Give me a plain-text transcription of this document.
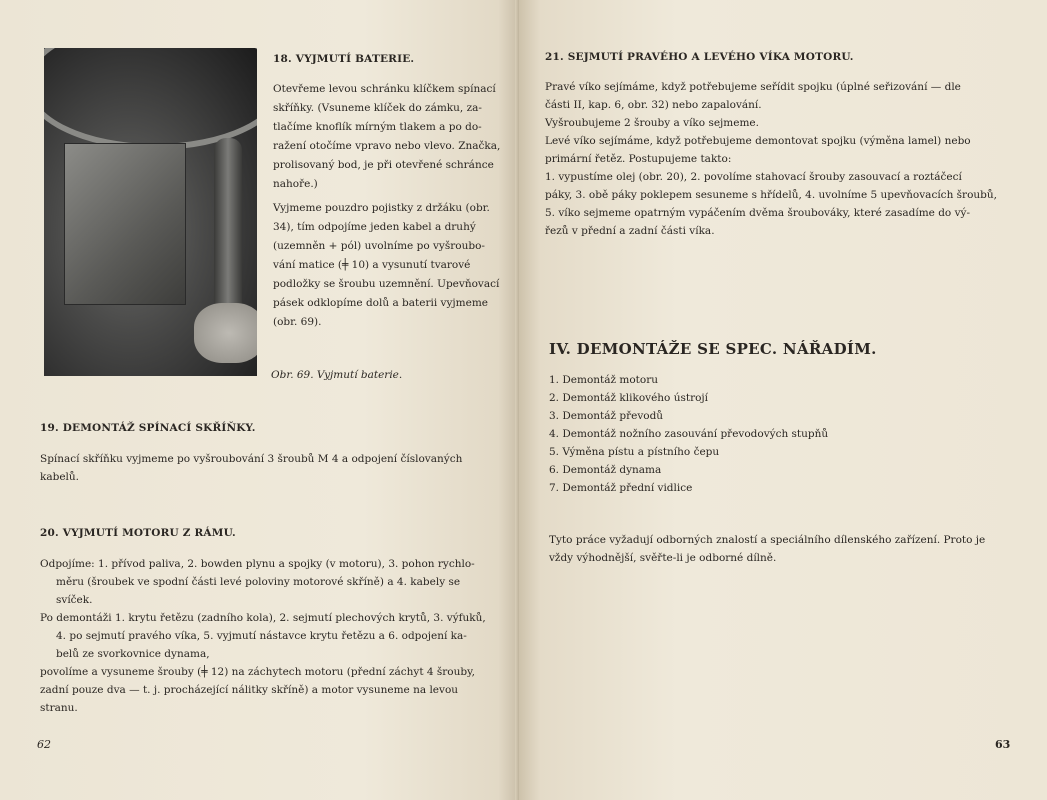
18. VYJMUTÍ BATERIE.

Otevřeme levou schránku klíčkem spínací

skříňky. (Vsuneme klíček do zámku, za-

tlačíme knoflík mírným tlakem a po do-

ražení otočíme vpravo nebo vlevo. Značka,

prolisovaný bod, je při otevřené schránce

nahoře.)

Vyjmeme pouzdro pojistky z držáku (obr.

34), tím odpojíme jeden kabel a druhý

(uzemněn + pól) uvolníme po vyšroubo-

vání matice (╪ 10) a vysunutí tvarové

podložky se šroubu uzemnění. Upevňovací

pásek odklopíme dolů a baterii vyjmeme

(obr. 69).

Obr. 69. Vyjmutí baterie.

19. DEMONTÁŽ SPÍNACÍ SKŘÍŇKY.

Spínací skříňku vyjmeme po vyšroubování 3 šroubů M 4 a odpojení číslovaných

kabelů.

20. VYJMUTÍ MOTORU Z RÁMU.

Odpojíme: 1. přívod paliva, 2. bowden plynu a spojky (v motoru), 3. pohon rychlo-

měru (šroubek ve spodní části levé poloviny motorové skříně) a 4. kabely se

svíček.

Po demontáži 1. krytu řetězu (zadního kola), 2. sejmutí plechových krytů, 3. výfuků,

4. po sejmutí pravého víka, 5. vyjmutí nástavce krytu řetězu a 6. odpojení ka-

belů ze svorkovnice dynama,

povolíme a vysuneme šrouby (╪ 12) na záchytech motoru (přední záchyt 4 šrouby,

zadní pouze dva — t. j. procházející nálitky skříně) a motor vysuneme na levou

stranu.

62

21. SEJMUTÍ PRAVÉHO A LEVÉHO VÍKA MOTORU.

Pravé víko sejímáme, když potřebujeme seřídit spojku (úplné seřizování — dle

části II, kap. 6, obr. 32) nebo zapalování.

Vyšroubujeme 2 šrouby a víko sejmeme.

Levé víko sejímáme, když potřebujeme demontovat spojku (výměna lamel) nebo

primární řetěz. Postupujeme takto:

1. vypustíme olej (obr. 20), 2. povolíme stahovací šrouby zasouvací a roztáčecí

páky, 3. obě páky poklepem sesuneme s hřídelů, 4. uvolníme 5 upevňovacích šroubů,

5. víko sejmeme opatrným vypáčením dvěma šroubováky, které zasadíme do vý-

řezů v přední a zadní části víka.

IV. DEMONTÁŽE SE SPEC. NÁŘADÍM.

1. Demontáž motoru

2. Demontáž klikového ústrojí

3. Demontáž převodů

4. Demontáž nožního zasouvání převodových stupňů

5. Výměna pístu a pístního čepu

6. Demontáž dynama

7. Demontáž přední vidlice

Tyto práce vyžadují odborných znalostí a speciálního dílenského zařízení. Proto je

vždy výhodnější, svěřte-li je odborné dílně.

63
